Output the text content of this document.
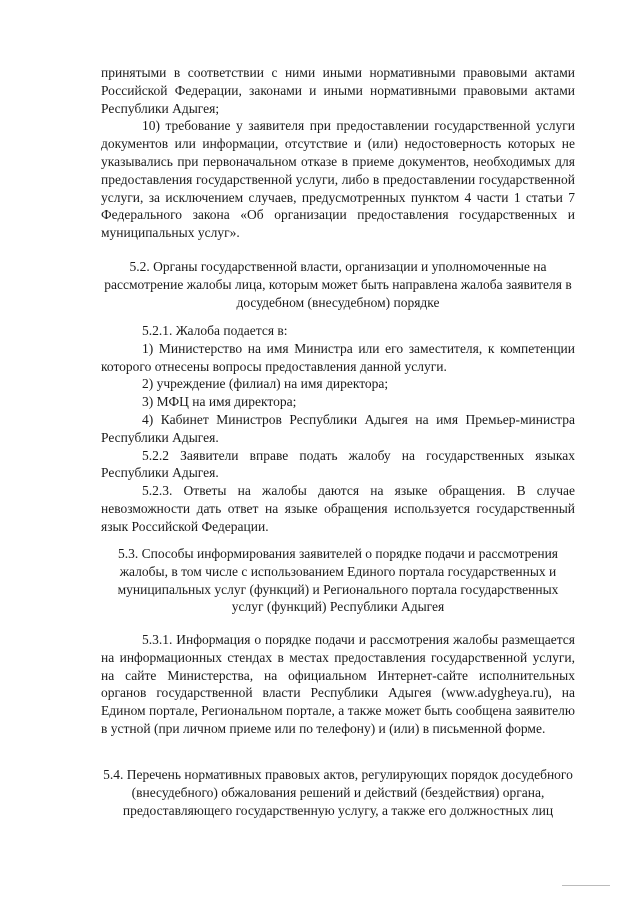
принятыми в соответствии с ними иными нормативными правовыми актами Российской Федерации, законами и иными нормативными правовыми актами Республики Адыгея;

10) требование у заявителя при предоставлении государственной услуги документов или информации, отсутствие и (или) недостоверность которых не указывались при первоначальном отказе в приеме документов, необходимых для предоставления государственной услуги, либо в предоставлении государственной услуги, за исключением случаев, предусмотренных пунктом 4 части 1 статьи 7 Федерального закона «Об организации предоставления государственных и муниципальных услуг».

5.2. Органы государственной власти, организации и уполномоченные на рассмотрение жалобы лица, которым может быть направлена жалоба заявителя в досудебном (внесудебном) порядке

5.2.1. Жалоба подается в:

1) Министерство на имя Министра или его заместителя, к компетенции которого отнесены вопросы предоставления данной услуги.

2) учреждение (филиал) на имя директора;

3) МФЦ на имя директора;

4) Кабинет Министров Республики Адыгея на имя Премьер-министра Республики Адыгея.

5.2.2 Заявители вправе подать жалобу на государственных языках Республики Адыгея.

5.2.3. Ответы на жалобы даются на языке обращения. В случае невозможности дать ответ на языке обращения используется государственный язык Российской Федерации.

5.3. Способы информирования заявителей о порядке подачи и рассмотрения жалобы, в том числе с использованием Единого портала государственных и муниципальных услуг (функций) и Регионального портала государственных услуг (функций) Республики Адыгея

5.3.1. Информация о порядке подачи и рассмотрения жалобы размещается на информационных стендах в местах предоставления государственной услуги, на сайте Министерства, на официальном Интернет-сайте исполнительных органов государственной власти Республики Адыгея (www.adygheya.ru), на Едином портале, Региональном портале, а также может быть сообщена заявителю в устной (при личном приеме или по телефону) и (или) в письменной форме.

5.4. Перечень нормативных правовых актов, регулирующих порядок досудебного (внесудебного) обжалования решений и действий (бездействия) органа, предоставляющего государственную услугу, а также его должностных лиц
